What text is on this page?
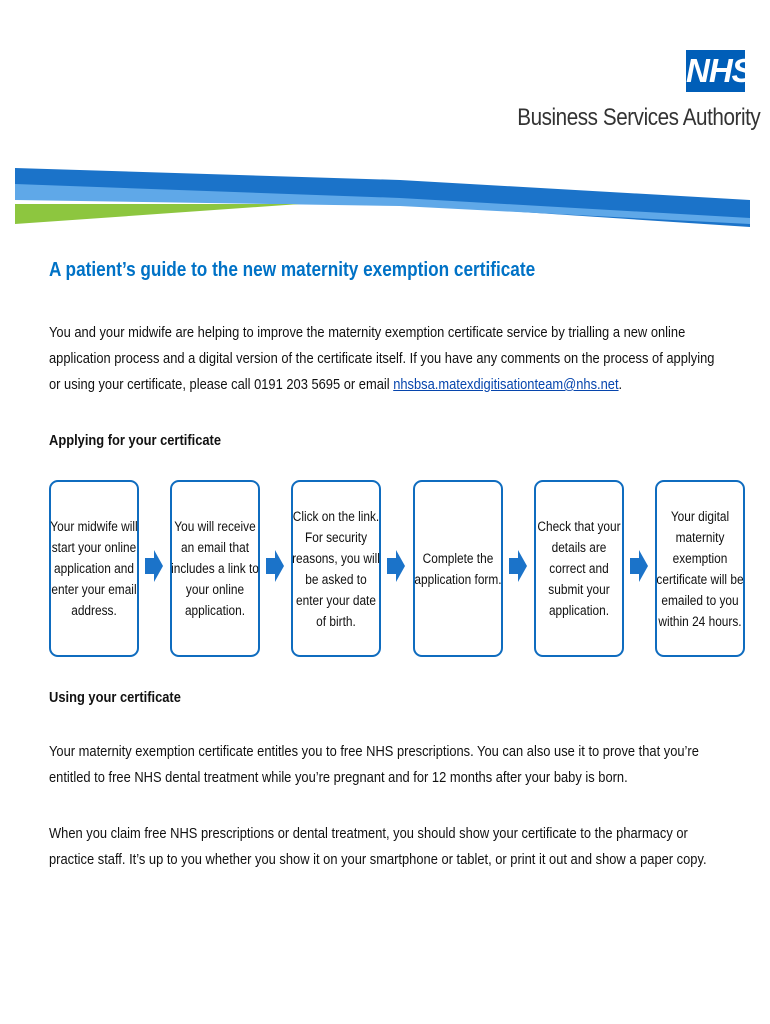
NHS
Business Services Authority
A patient’s guide to the new maternity exemption certificate
You and your midwife are helping to improve the maternity exemption certificate service by trialling a new online application process and a digital version of the certificate itself. If you have any comments on the process of applying or using your certificate, please call 0191 203 5695 or email nhsbsa.matexdigitisationteam@nhs.net.
Applying for your certificate
Your midwife will start your online application and enter your email address.
You will receive an email that includes a link to your online application.
Click on the link. For security reasons, you will be asked to enter your date of birth.
Complete the application form.
Check that your details are correct and submit your application.
Your digital maternity exemption certificate will be emailed to you within 24 hours.
Using your certificate
Your maternity exemption certificate entitles you to free NHS prescriptions. You can also use it to prove that you’re entitled to free NHS dental treatment while you’re pregnant and for 12 months after your baby is born.
When you claim free NHS prescriptions or dental treatment, you should show your certificate to the pharmacy or practice staff. It’s up to you whether you show it on your smartphone or tablet, or print it out and show a paper copy.
